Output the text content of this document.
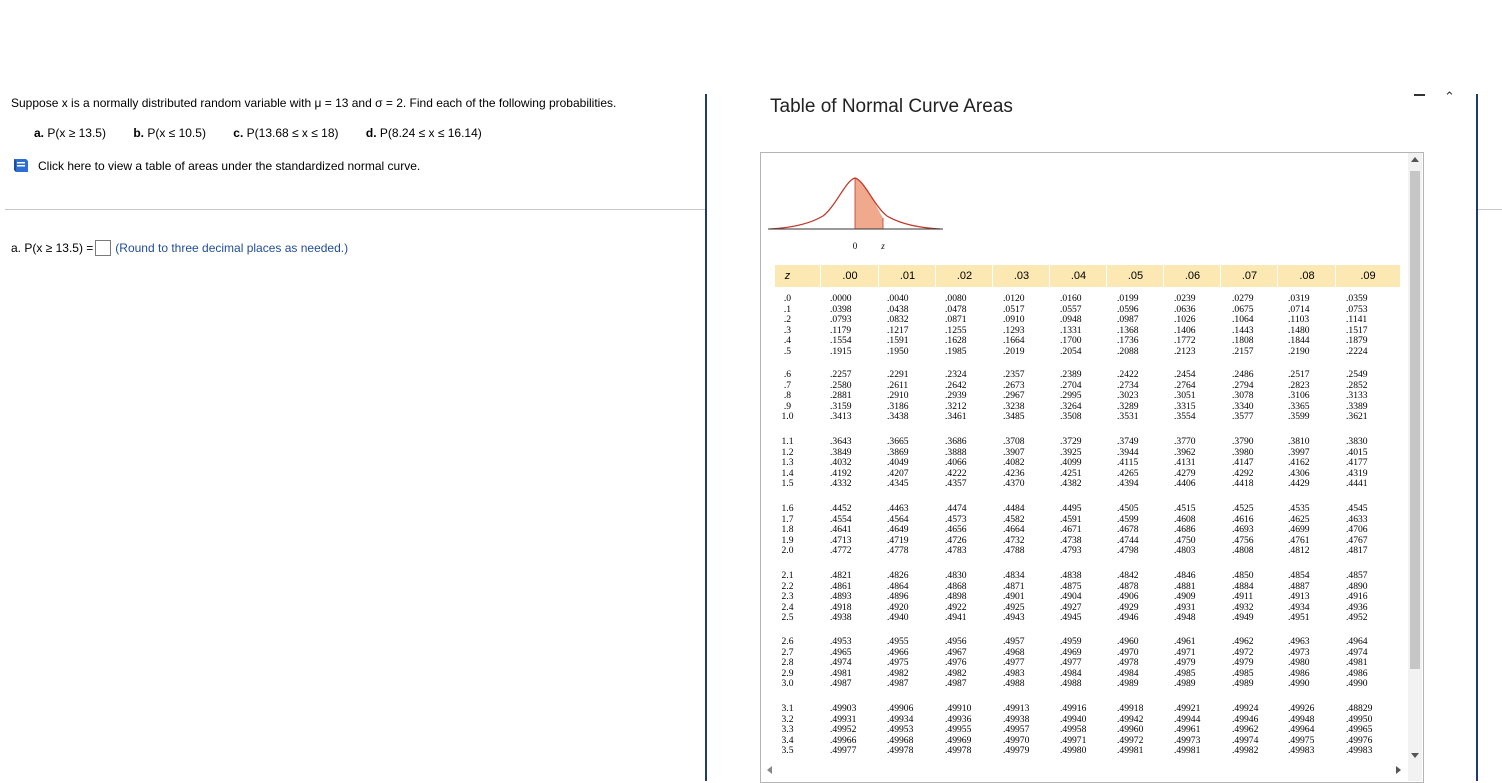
Suppose x is a normally distributed random variable with μ = 13 and σ = 2. Find each of the following probabilities.
a. P(x ≥ 13.5) b. P(x ≤ 10.5) c. P(13.68 ≤ x ≤ 18) d. P(8.24 ≤ x ≤ 16.14)
Click here to view a table of areas under the standardized normal curve.
a. P(x ≥ 13.5) = (Round to three decimal places as needed.)
Table of Normal Curve Areas	⌃
0	z
z	.00	.01	.02	.03	.04	.05	.06	.07	.08	.09
.0	.0000	.0040	.0080	.0120	.0160	.0199	.0239	.0279	.0319	.0359
.1	.0398	.0438	.0478	.0517	.0557	.0596	.0636	.0675	.0714	.0753
.2	.0793	.0832	.0871	.0910	.0948	.0987	.1026	.1064	.1103	.1141
.3	.1179	.1217	.1255	.1293	.1331	.1368	.1406	.1443	.1480	.1517
.4	.1554	.1591	.1628	.1664	.1700	.1736	.1772	.1808	.1844	.1879
.5	.1915	.1950	.1985	.2019	.2054	.2088	.2123	.2157	.2190	.2224
.6	.2257	.2291	.2324	.2357	.2389	.2422	.2454	.2486	.2517	.2549
.7	.2580	.2611	.2642	.2673	.2704	.2734	.2764	.2794	.2823	.2852
.8	.2881	.2910	.2939	.2967	.2995	.3023	.3051	.3078	.3106	.3133
.9	.3159	.3186	.3212	.3238	.3264	.3289	.3315	.3340	.3365	.3389
1.0	.3413	.3438	.3461	.3485	.3508	.3531	.3554	.3577	.3599	.3621
1.1	.3643	.3665	.3686	.3708	.3729	.3749	.3770	.3790	.3810	.3830
1.2	.3849	.3869	.3888	.3907	.3925	.3944	.3962	.3980	.3997	.4015
1.3	.4032	.4049	.4066	.4082	.4099	.4115	.4131	.4147	.4162	.4177
1.4	.4192	.4207	.4222	.4236	.4251	.4265	.4279	.4292	.4306	.4319
1.5	.4332	.4345	.4357	.4370	.4382	.4394	.4406	.4418	.4429	.4441
1.6	.4452	.4463	.4474	.4484	.4495	.4505	.4515	.4525	.4535	.4545
1.7	.4554	.4564	.4573	.4582	.4591	.4599	.4608	.4616	.4625	.4633
1.8	.4641	.4649	.4656	.4664	.4671	.4678	.4686	.4693	.4699	.4706
1.9	.4713	.4719	.4726	.4732	.4738	.4744	.4750	.4756	.4761	.4767
2.0	.4772	.4778	.4783	.4788	.4793	.4798	.4803	.4808	.4812	.4817
2.1	.4821	.4826	.4830	.4834	.4838	.4842	.4846	.4850	.4854	.4857
2.2	.4861	.4864	.4868	.4871	.4875	.4878	.4881	.4884	.4887	.4890
2.3	.4893	.4896	.4898	.4901	.4904	.4906	.4909	.4911	.4913	.4916
2.4	.4918	.4920	.4922	.4925	.4927	.4929	.4931	.4932	.4934	.4936
2.5	.4938	.4940	.4941	.4943	.4945	.4946	.4948	.4949	.4951	.4952
2.6	.4953	.4955	.4956	.4957	.4959	.4960	.4961	.4962	.4963	.4964
2.7	.4965	.4966	.4967	.4968	.4969	.4970	.4971	.4972	.4973	.4974
2.8	.4974	.4975	.4976	.4977	.4977	.4978	.4979	.4979	.4980	.4981
2.9	.4981	.4982	.4982	.4983	.4984	.4984	.4985	.4985	.4986	.4986
3.0	.4987	.4987	.4987	.4988	.4988	.4989	.4989	.4989	.4990	.4990
3.1	.49903	.49906	.49910	.49913	.49916	.49918	.49921	.49924	.49926	.48829
3.2	.49931	.49934	.49936	.49938	.49940	.49942	.49944	.49946	.49948	.49950
3.3	.49952	.49953	.49955	.49957	.49958	.49960	.49961	.49962	.49964	.49965
3.4	.49966	.49968	.49969	.49970	.49971	.49972	.49973	.49974	.49975	.49976
3.5	.49977	.49978	.49978	.49979	.49980	.49981	.49981	.49982	.49983	.49983
